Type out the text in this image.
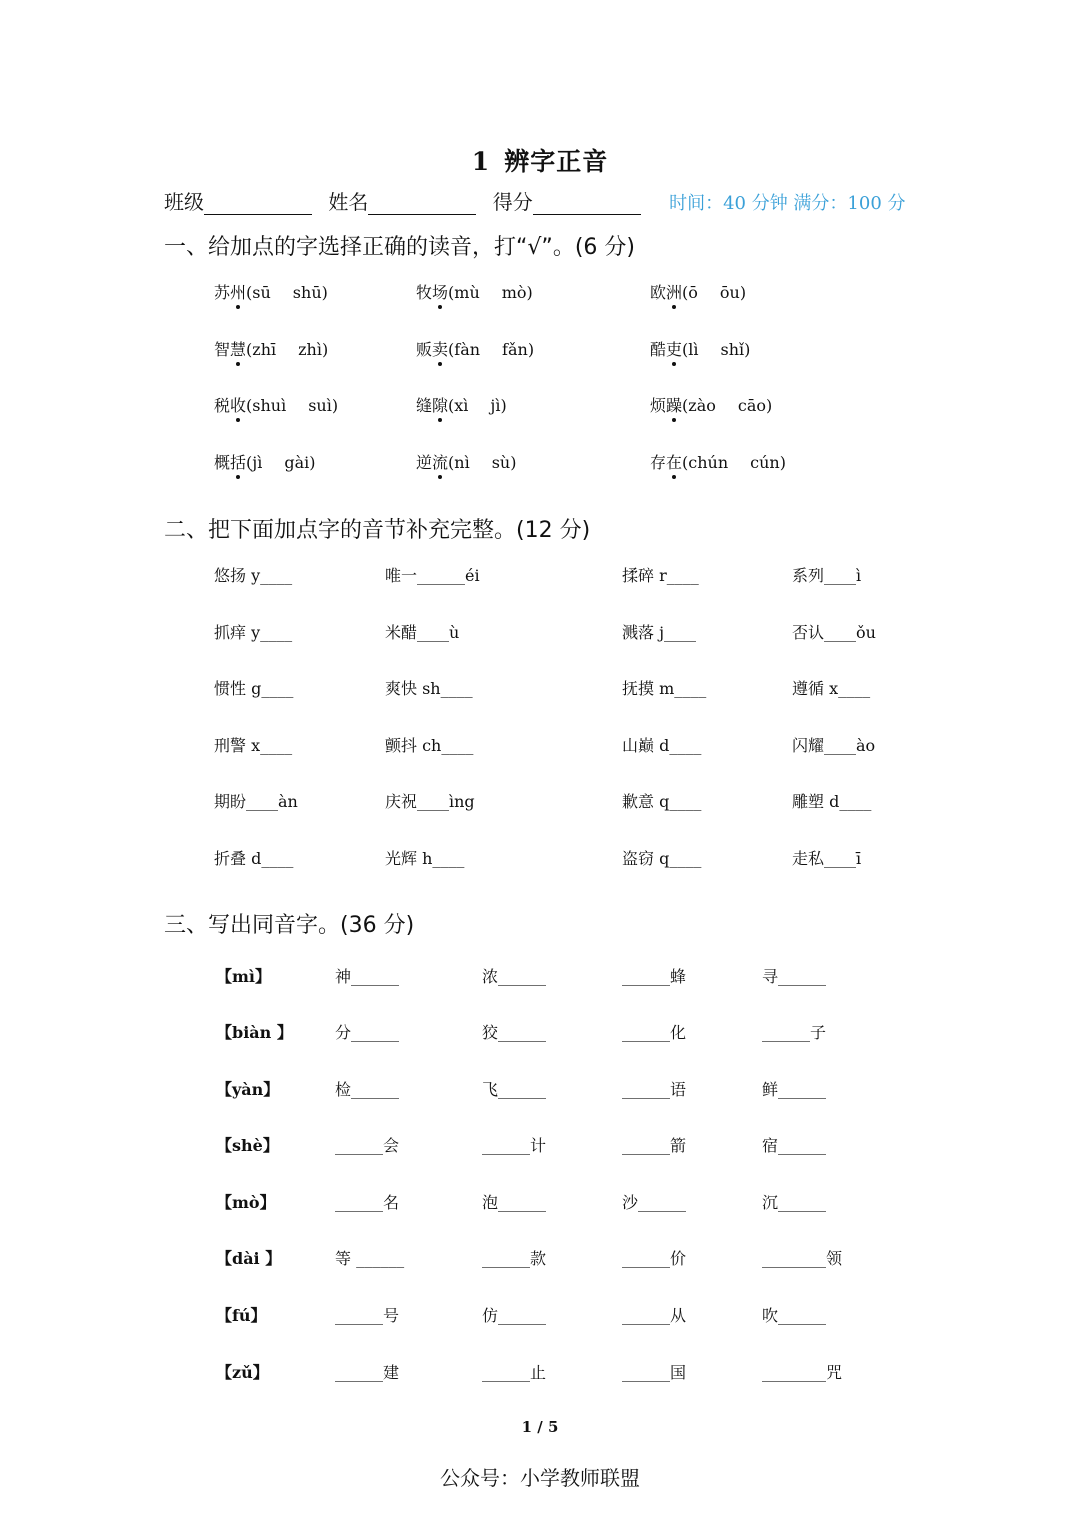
1 辨字正音
班级	姓名	得分	时间：40 分钟 满分：100 分
一、给加点的字选择正确的读音，打“√”。(6 分)
苏州(sū shū)	牧场(mù mò)	欧洲(ō ōu)
智慧(zhī zhì)	贩卖(fàn fǎn)	酷吏(lì shǐ)
税收(shuì suì)	缝隙(xì jì)	烦躁(zào cāo)
概括(jì gài)	逆流(nì sù)	存在(chún cún)
二、把下面加点字的音节补充完整。(12 分)
悠扬 y____	唯一______éi	揉碎 r____	系列____ì
抓痒 y____	米醋____ù	溅落 j____	否认____ǒu
惯性 g____	爽快 sh____	抚摸 m____	遵循 x____
刑警 x____	颤抖 ch____	山巅 d____	闪耀____ào
期盼____àn	庆祝____ìng	歉意 q____	雕塑 d____
折叠 d____	光辉 h____	盗窃 q____	走私____ī
三、写出同音字。(36 分)
【mì】	神______	浓______	______蜂	寻______
【biàn 】	分______	狡______	______化	______子
【yàn】	检______	飞______	______语	鲜______
【shè】	______会	______计	______箭	宿______
【mò】	______名	泡______	沙______	沉______
【dài 】	等 ______	______款	______价	________领
【fú】	______号	仿______	______从	吹______
【zǔ】	______建	______止	______国	________咒
1 / 5
公众号：小学教师联盟
